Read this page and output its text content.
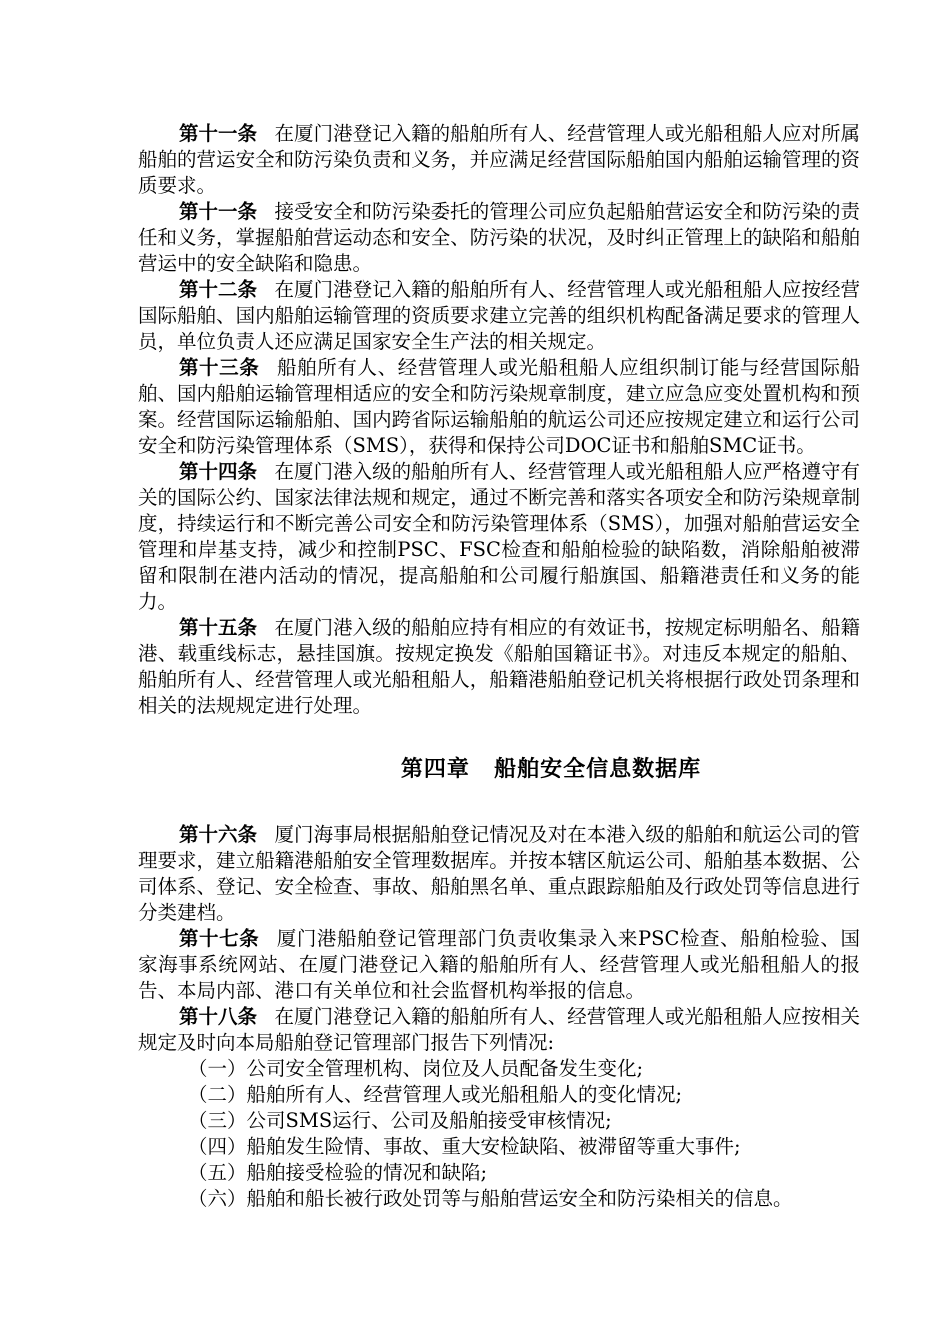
第十一条 在厦门港登记入籍的船舶所有人、经营管理人或光船租船人应对所属船舶的营运安全和防污染负责和义务，并应满足经营国际船舶国内船舶运输管理的资质要求。

第十一条 接受安全和防污染委托的管理公司应负起船舶营运安全和防污染的责任和义务，掌握船舶营运动态和安全、防污染的状况，及时纠正管理上的缺陷和船舶营运中的安全缺陷和隐患。

第十二条 在厦门港登记入籍的船舶所有人、经营管理人或光船租船人应按经营国际船舶、国内船舶运输管理的资质要求建立完善的组织机构配备满足要求的管理人员，单位负责人还应满足国家安全生产法的相关规定。

第十三条 船舶所有人、经营管理人或光船租船人应组织制订能与经营国际船舶、国内船舶运输管理相适应的安全和防污染规章制度，建立应急应变处置机构和预案。经营国际运输船舶、国内跨省际运输船舶的航运公司还应按规定建立和运行公司安全和防污染管理体系（SMS），获得和保持公司DOC证书和船舶SMC证书。

第十四条 在厦门港入级的船舶所有人、经营管理人或光船租船人应严格遵守有关的国际公约、国家法律法规和规定，通过不断完善和落实各项安全和防污染规章制度，持续运行和不断完善公司安全和防污染管理体系（SMS），加强对船舶营运安全管理和岸基支持，减少和控制PSC、FSC检查和船舶检验的缺陷数，消除船舶被滞留和限制在港内活动的情况，提高船舶和公司履行船旗国、船籍港责任和义务的能力。

第十五条 在厦门港入级的船舶应持有相应的有效证书，按规定标明船名、船籍港、载重线标志，悬挂国旗。按规定换发《船舶国籍证书》。对违反本规定的船舶、船舶所有人、经营管理人或光船租船人，船籍港船舶登记机关将根据行政处罚条理和相关的法规规定进行处理。

第四章 船舶安全信息数据库

第十六条 厦门海事局根据船舶登记情况及对在本港入级的船舶和航运公司的管理要求，建立船籍港船舶安全管理数据库。并按本辖区航运公司、船舶基本数据、公司体系、登记、安全检查、事故、船舶黑名单、重点跟踪船舶及行政处罚等信息进行分类建档。

第十七条 厦门港船舶登记管理部门负责收集录入来PSC检查、船舶检验、国家海事系统网站、在厦门港登记入籍的船舶所有人、经营管理人或光船租船人的报告、本局内部、港口有关单位和社会监督机构举报的信息。

第十八条 在厦门港登记入籍的船舶所有人、经营管理人或光船租船人应按相关规定及时向本局船舶登记管理部门报告下列情况:

（一）公司安全管理机构、岗位及人员配备发生变化;

（二）船舶所有人、经营管理人或光船租船人的变化情况;

（三）公司SMS运行、公司及船舶接受审核情况;

（四）船舶发生险情、事故、重大安检缺陷、被滞留等重大事件;

（五）船舶接受检验的情况和缺陷;

（六）船舶和船长被行政处罚等与船舶营运安全和防污染相关的信息。
